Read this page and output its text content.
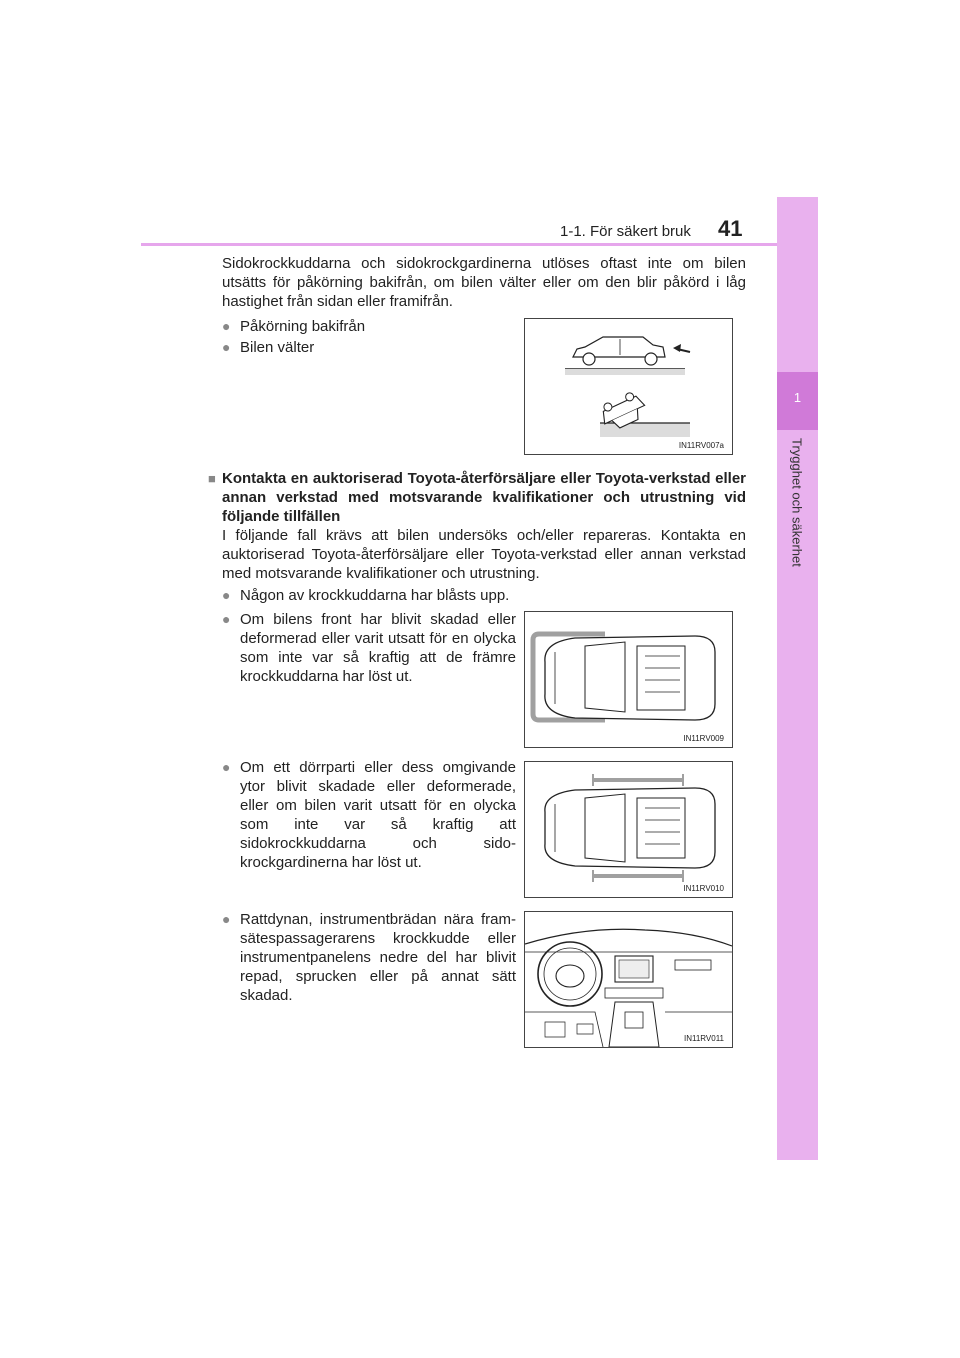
1-1. För säkert bruk 41
1
Trygghet och säkerhet
Sidokrockkuddarna och sidokrockgardinerna utlöses oftast inte om bilen utsätts för påkörning bakifrån, om bilen välter eller om den blir påkörd i låg hastighet från sidan eller framifrån.
● Påkörning bakifrån
● Bilen välter
IN11RV007a
■ Kontakta en auktoriserad Toyota-återförsäljare eller Toyota-verkstad eller annan verkstad med motsvarande kvalifikationer och utrustning vid följande tillfällen
I följande fall krävs att bilen undersöks och/eller repareras. Kontakta en auktoriserad Toyota-återförsäljare eller Toyota-verkstad eller annan verkstad med motsvarande kvalifikationer och utrustning.
● Någon av krockkuddarna har blåsts upp.
● Om bilens front har blivit skadad eller deformerad eller varit utsatt för en olycka som inte var så kraftig att de främre krockkuddarna har löst ut.
● Om ett dörrparti eller dess omgivande ytor blivit skadade eller deformerade, eller om bilen varit utsatt för en olycka som inte var så kraftig att sidokrockkuddarna och sido-krockgardinerna har löst ut.
● Rattdynan, instrumentbrädan nära fram-sätespassagerarens krockkudde eller instrumentpanelens nedre del har blivit repad, sprucken eller på annat sätt skadad.
IN11RV009
IN11RV010
IN11RV011
